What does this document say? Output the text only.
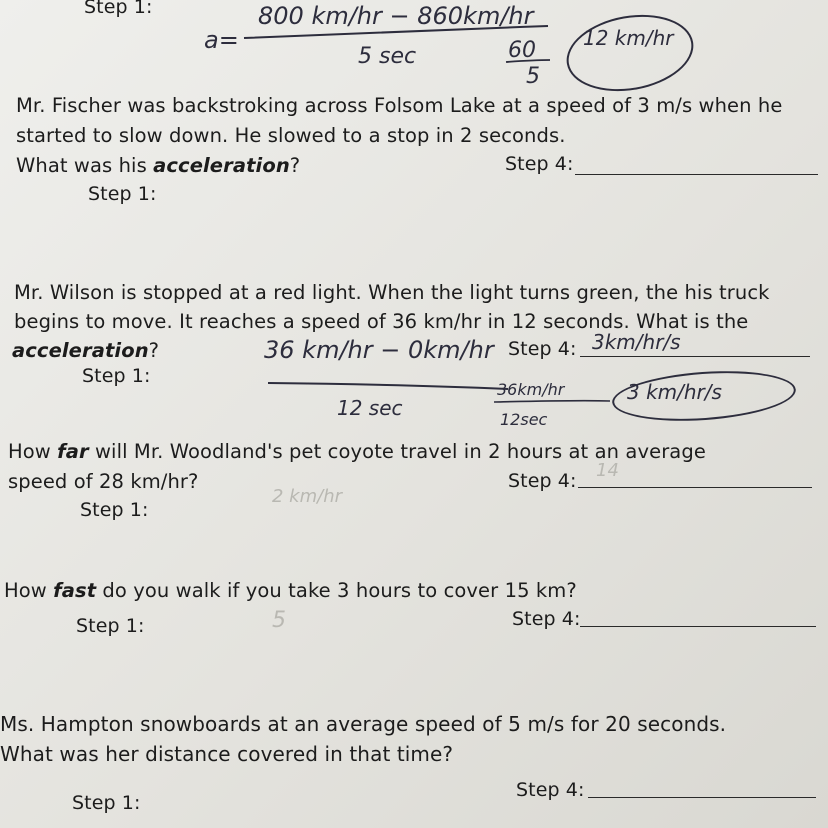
Step 1:
a=
800 km/hr − 860km/hr
5 sec	60
5
12 km/hr
Mr. Fischer was backstroking across Folsom Lake at a speed of 3 m/s when he
started to slow down. He slowed to a stop in 2 seconds.
What was his acceleration?	Step 4:
Step 1:
Mr. Wilson is stopped at a red light. When the light turns green, the his truck
begins to move. It reaches a speed of 36 km/hr in 12 seconds. What is the
acceleration?	Step 4:
Step 1:
36 km/hr − 0km/hr
12 sec
36km/hr
12sec
3 km/hr/s
3km/hr/s
How far will Mr. Woodland's pet coyote travel in 2 hours at an average
speed of 28 km/hr?	Step 4:
Step 1:
2 km/hr
14
How fast do you walk if you take 3 hours to cover 15 km?
Step 1:	Step 4:
5
Ms. Hampton snowboards at an average speed of 5 m/s for 20 seconds.
What was her distance covered in that time?
Step 4:
Step 1:
